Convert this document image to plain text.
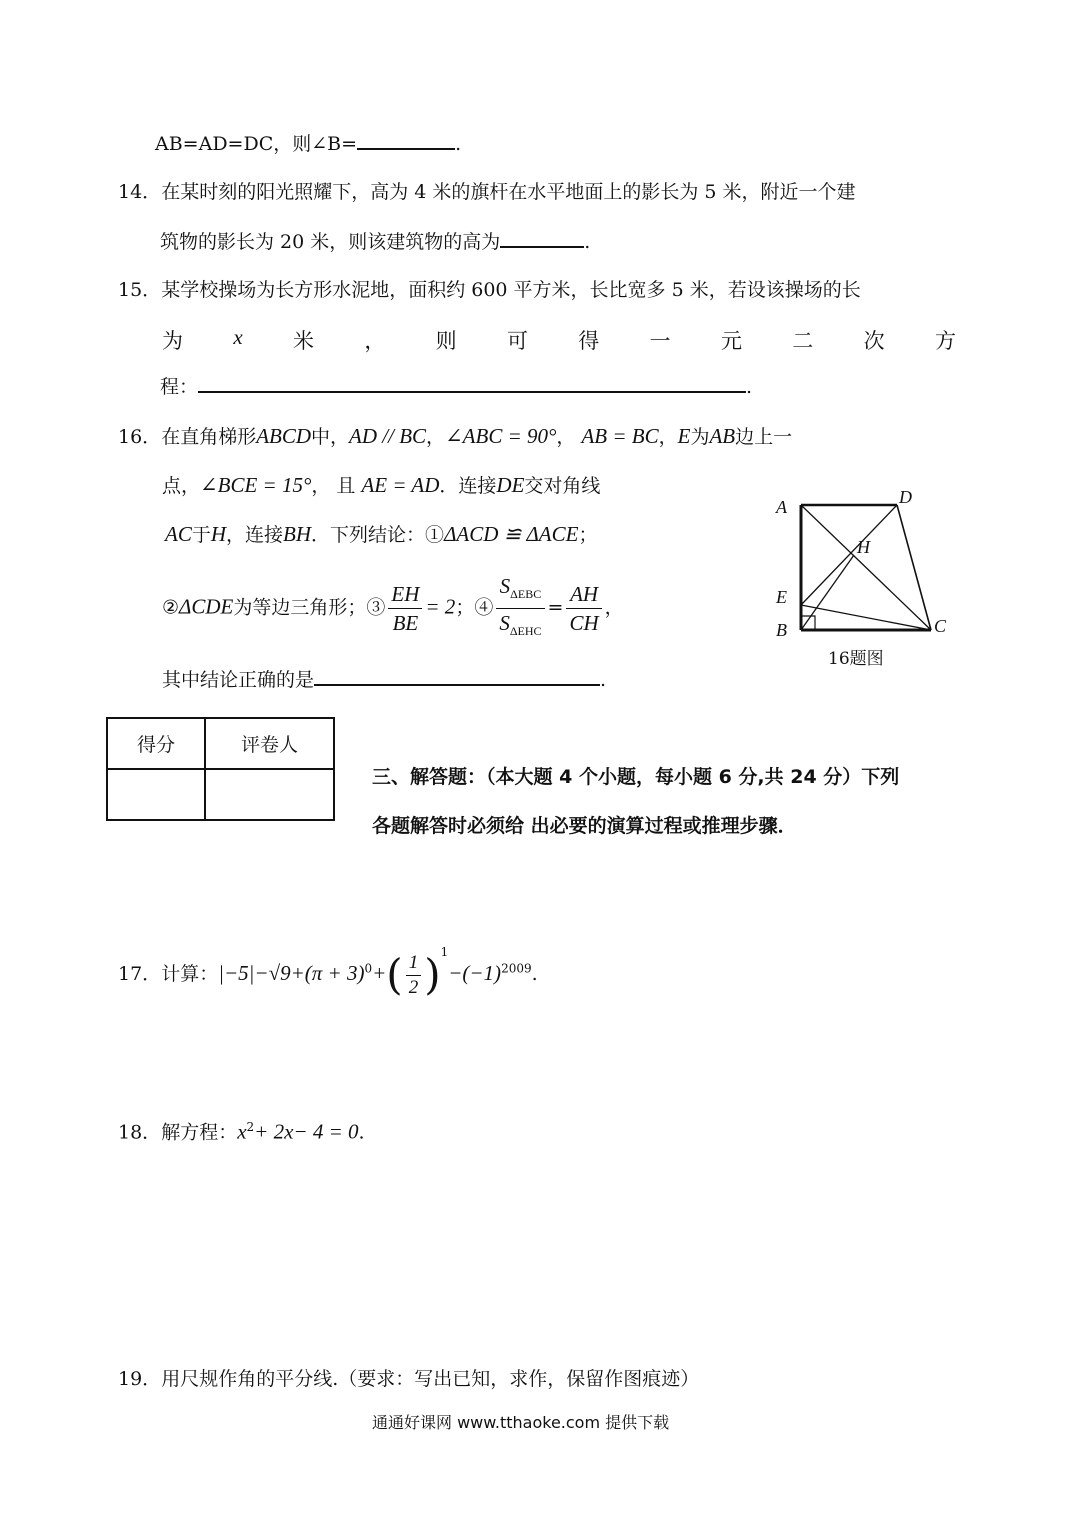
AB=AD=DC，则∠B=	.
14．在某时刻的阳光照耀下，高为 4 米的旗杆在水平地面上的影长为 5 米，附近一个建
筑物的影长为 20 米，则该建筑物的高为	.
15．某学校操场为长方形水泥地，面积约 600 平方米，长比宽多 5 米，若设该操场的长
为 x 米 ， 则 可 得 一 元 二 次 方
程：	.
16．在直角梯形ABCD中，AD // BC，∠ABC = 90°， AB = BC，E为AB边上一
点，∠BCE = 15°， 且 AE = AD．连接DE交对角线
AC于H，连接BH．下列结论：①ΔACD ≌ ΔACE；
②ΔCDE为等边三角形；③ $\frac{EH}{BE} = 2$；④ $\frac{S_{\Delta EBC}}{S_{\Delta EHC}} = \frac{AH}{CH}$ ，
其中结论正确的是	.
A	D
H
E
B	C
16题图
得分	评卷人

三、解答题：（本大题 4 个小题，每小题 6 分,共 24 分）下列
各题解答时必须给 出必要的演算过程或推理步骤．
17．计算：$|-5|-√9+(\pi + 3)^0+( \frac{1}{2} )^1-(-1)^{2009}$.
18．解方程：$x^2+ 2x- 4 = 0$.
19．用尺规作角的平分线.（要求：写出已知，求作，保留作图痕迹）
通通好课网 www.tthaoke.com 提供下载
